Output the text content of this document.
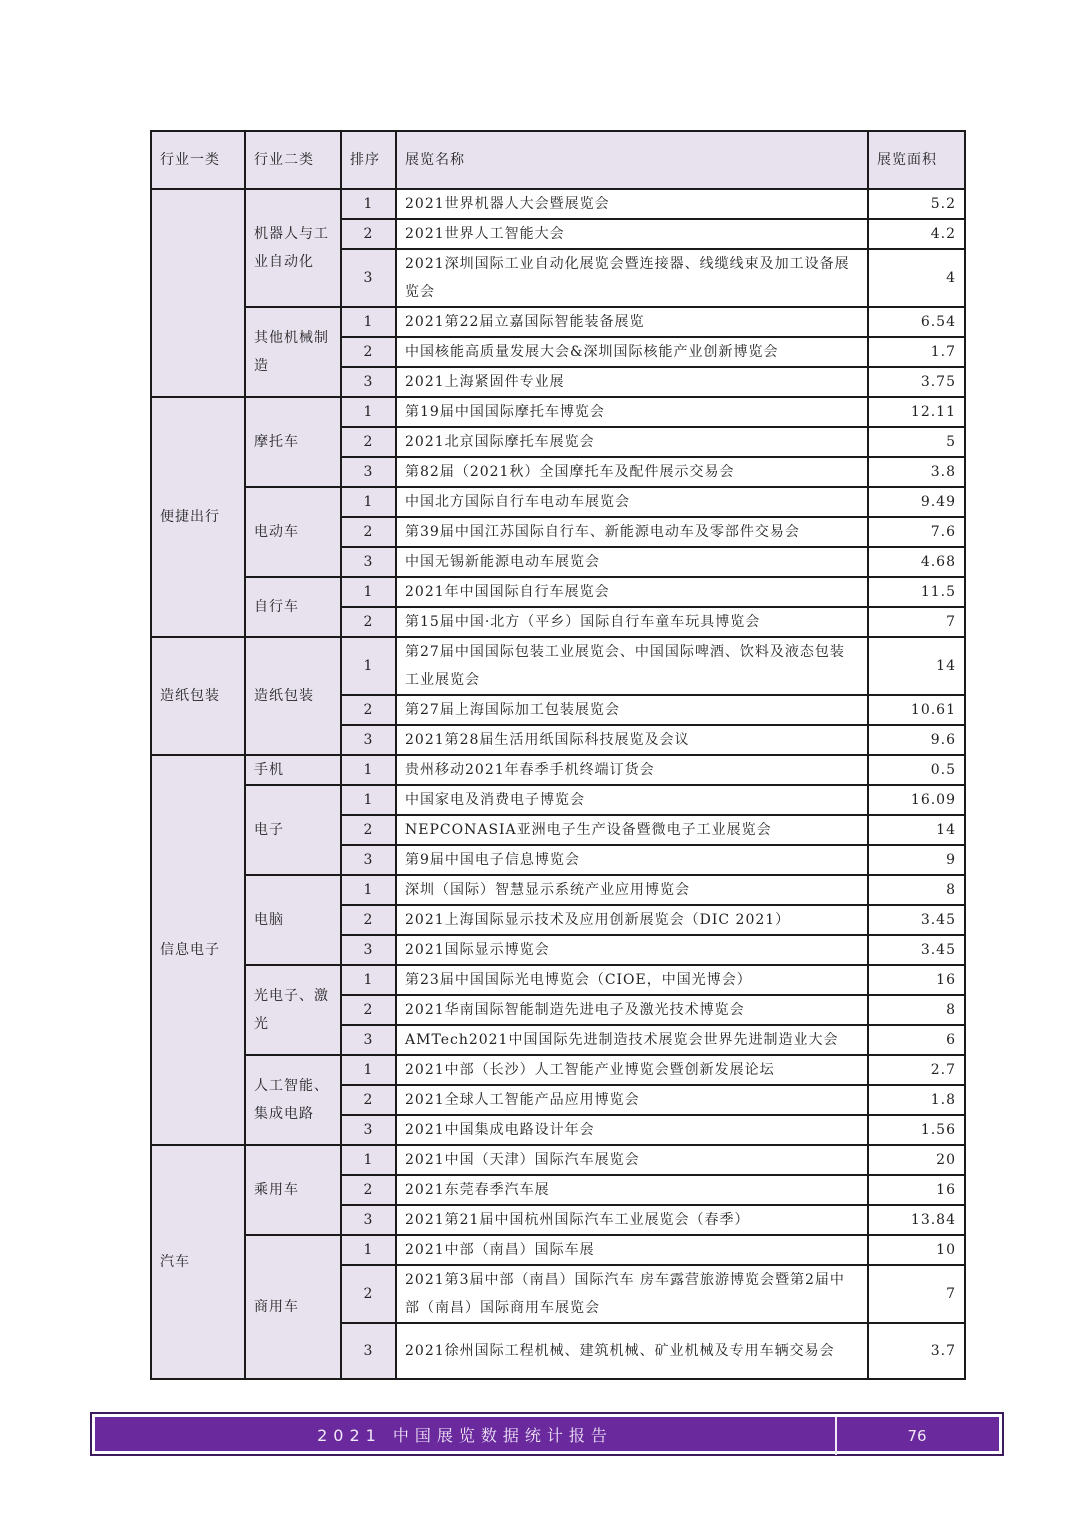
行业一类	行业二类	排序	展览名称	展览面积
	机器人与工业自动化	1	2021世界机器人大会暨展览会	5.2
		2	2021世界人工智能大会	4.2
		3	2021深圳国际工业自动化展览会暨连接器、线缆线束及加工设备展览会	4
	其他机械制造	1	2021第22届立嘉国际智能装备展览	6.54
		2	中国核能高质量发展大会&深圳国际核能产业创新博览会	1.7
		3	2021上海紧固件专业展	3.75
便捷出行	摩托车	1	第19届中国国际摩托车博览会	12.11
		2	2021北京国际摩托车展览会	5
		3	第82届（2021秋）全国摩托车及配件展示交易会	3.8
	电动车	1	中国北方国际自行车电动车展览会	9.49
		2	第39届中国江苏国际自行车、新能源电动车及零部件交易会	7.6
		3	中国无锡新能源电动车展览会	4.68
	自行车	1	2021年中国国际自行车展览会	11.5
		2	第15届中国·北方（平乡）国际自行车童车玩具博览会	7
造纸包装	造纸包装	1	第27届中国国际包装工业展览会、中国国际啤酒、饮料及液态包装工业展览会	14
		2	第27届上海国际加工包装展览会	10.61
		3	2021第28届生活用纸国际科技展览及会议	9.6
信息电子	手机	1	贵州移动2021年春季手机终端订货会	0.5
	电子	1	中国家电及消费电子博览会	16.09
		2	NEPCONASIA亚洲电子生产设备暨微电子工业展览会	14
		3	第9届中国电子信息博览会	9
	电脑	1	深圳（国际）智慧显示系统产业应用博览会	8
		2	2021上海国际显示技术及应用创新展览会（DIC 2021）	3.45
		3	2021国际显示博览会	3.45
	光电子、激光	1	第23届中国国际光电博览会（CIOE，中国光博会）	16
		2	2021华南国际智能制造先进电子及激光技术博览会	8
		3	AMTech2021中国国际先进制造技术展览会世界先进制造业大会	6
	人工智能、集成电路	1	2021中部（长沙）人工智能产业博览会暨创新发展论坛	2.7
		2	2021全球人工智能产品应用博览会	1.8
		3	2021中国集成电路设计年会	1.56
汽车	乘用车	1	2021中国（天津）国际汽车展览会	20
		2	2021东莞春季汽车展	16
		3	2021第21届中国杭州国际汽车工业展览会（春季）	13.84
	商用车	1	2021中部（南昌）国际车展	10
		2	2021第3届中部（南昌）国际汽车 房车露营旅游博览会暨第2届中部（南昌）国际商用车展览会	7
		3	2021徐州国际工程机械、建筑机械、矿业机械及专用车辆交易会	3.7
2021 中国展览数据统计报告	76
